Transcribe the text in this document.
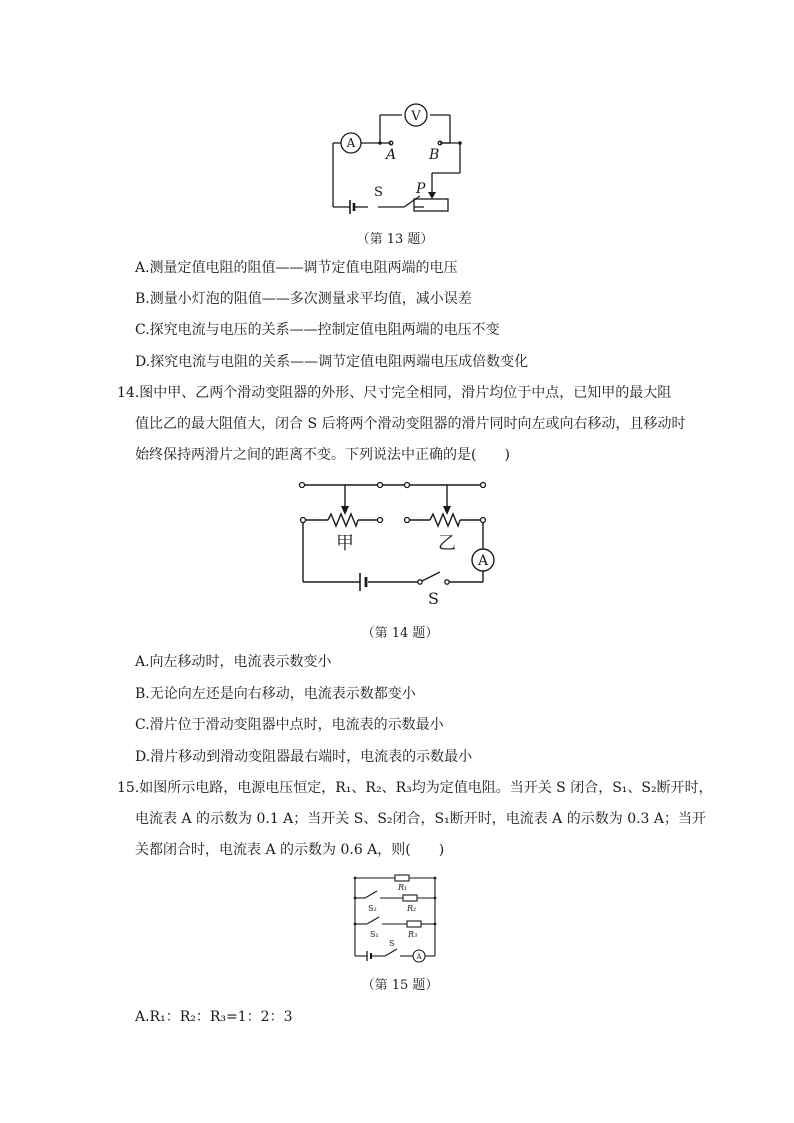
A
V
A B
P
S
（第 13 题）
A.测量定值电阻的阻值——调节定值电阻两端的电压
B.测量小灯泡的阻值——多次测量求平均值，减小误差
C.探究电流与电压的关系——控制定值电阻两端的电压不变
D.探究电流与电阻的关系——调节定值电阻两端电压成倍数变化
14.图中甲、乙两个滑动变阻器的外形、尺寸完全相同，滑片均位于中点，已知甲的最大阻
值比乙的最大阻值大，闭合 S 后将两个滑动变阻器的滑片同时向左或向右移动，且移动时
始终保持两滑片之间的距离不变。下列说法中正确的是(　　)
甲	乙
A
S
（第 14 题）
A.向左移动时，电流表示数变小
B.无论向左还是向右移动，电流表示数都变小
C.滑片位于滑动变阻器中点时，电流表的示数最小
D.滑片移动到滑动变阻器最右端时，电流表的示数最小
15.如图所示电路，电源电压恒定，R₁、R₂、R₃均为定值电阻。当开关 S 闭合，S₁、S₂断开时，
电流表 A 的示数为 0.1 A；当开关 S、S₂闭合，S₁断开时，电流表 A 的示数为 0.3 A；当开
关都闭合时，电流表 A 的示数为 0.6 A，则(　　)
R₁
S₂	R₂
S₁	R₃
S
A
（第 15 题）
A.R₁：R₂：R₃=1：2：3
